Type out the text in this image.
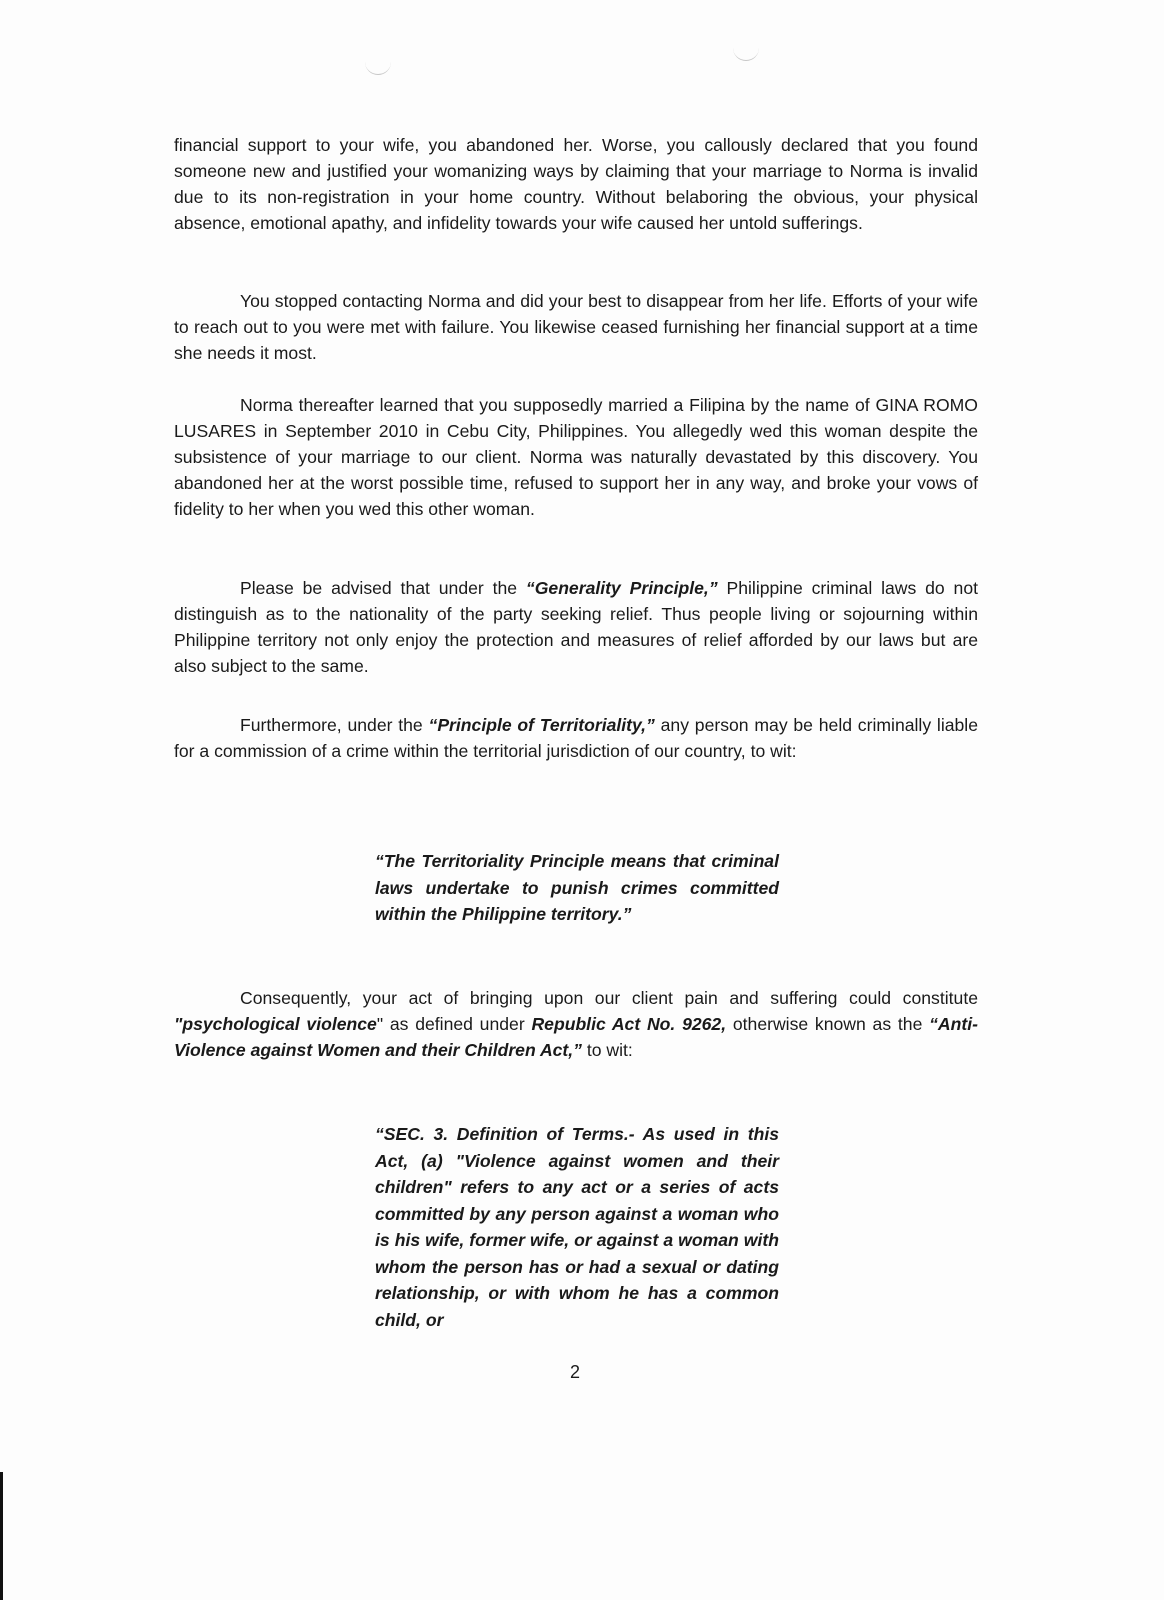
financial support to your wife, you abandoned her. Worse, you callously declared that you found someone new and justified your womanizing ways by claiming that your marriage to Norma is invalid due to its non-registration in your home country. Without belaboring the obvious, your physical absence, emotional apathy, and infidelity towards your wife caused her untold sufferings.

You stopped contacting Norma and did your best to disappear from her life. Efforts of your wife to reach out to you were met with failure. You likewise ceased furnishing her financial support at a time she needs it most.

Norma thereafter learned that you supposedly married a Filipina by the name of GINA ROMO LUSARES in September 2010 in Cebu City, Philippines. You allegedly wed this woman despite the subsistence of your marriage to our client. Norma was naturally devastated by this discovery. You abandoned her at the worst possible time, refused to support her in any way, and broke your vows of fidelity to her when you wed this other woman.

Please be advised that under the “Generality Principle,” Philippine criminal laws do not distinguish as to the nationality of the party seeking relief. Thus people living or sojourning within Philippine territory not only enjoy the protection and measures of relief afforded by our laws but are also subject to the same.

Furthermore, under the “Principle of Territoriality,” any person may be held criminally liable for a commission of a crime within the territorial jurisdiction of our country, to wit:

“The Territoriality Principle means that criminal laws undertake to punish crimes committed within the Philippine territory.”

Consequently, your act of bringing upon our client pain and suffering could constitute "psychological violence" as defined under Republic Act No. 9262, otherwise known as the “Anti-Violence against Women and their Children Act,” to wit:

“SEC. 3. Definition of Terms.- As used in this Act, (a) "Violence against women and their children" refers to any act or a series of acts committed by any person against a woman who is his wife, former wife, or against a woman with whom the person has or had a sexual or dating relationship, or with whom he has a common child, or

2
